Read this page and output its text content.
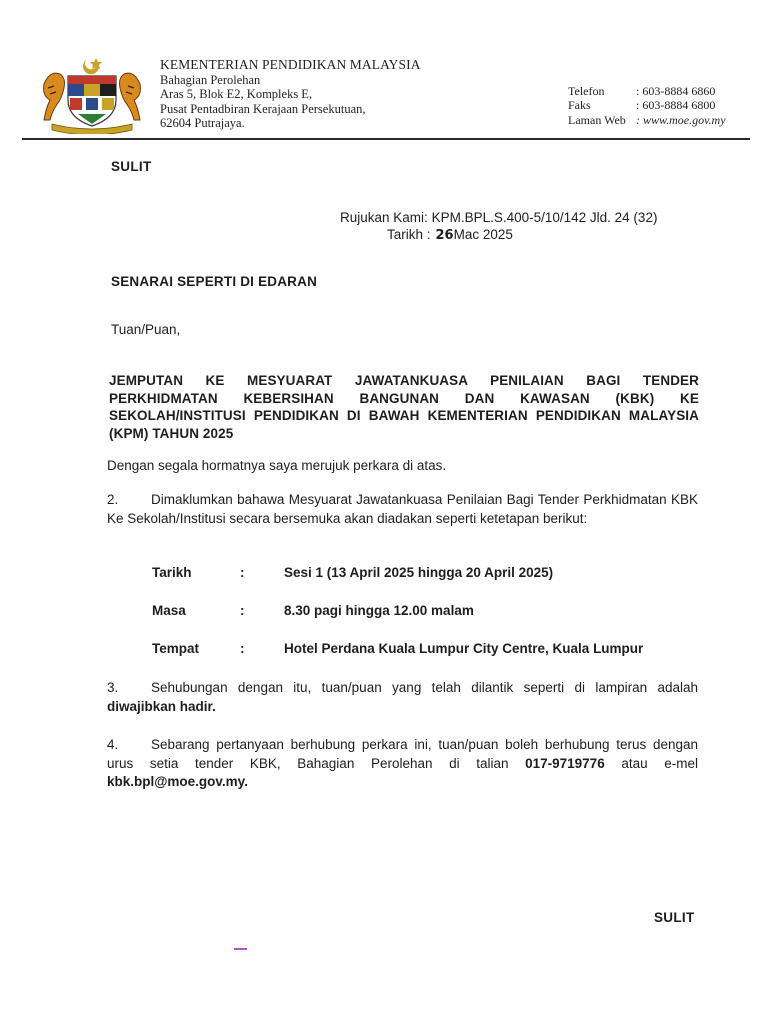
KEMENTERIAN PENDIDIKAN MALAYSIA
Bahagian Perolehan
Aras 5, Blok E2, Kompleks E,
Pusat Pentadbiran Kerajaan Persekutuan,
62604 Putrajaya.
Telefon	: 603-8884 6860
Faks	: 603-8884 6800
Laman Web : www.moe.gov.my
SULIT
Rujukan Kami: KPM.BPL.S.400-5/10/142 Jld. 24 (32)
Tarikh : 26Mac 2025
SENARAI SEPERTI DI EDARAN
Tuan/Puan,
JEMPUTAN KE MESYUARAT JAWATANKUASA PENILAIAN BAGI TENDER PERKHIDMATAN KEBERSIHAN BANGUNAN DAN KAWASAN (KBK) KE SEKOLAH/INSTITUSI PENDIDIKAN DI BAWAH KEMENTERIAN PENDIDIKAN MALAYSIA (KPM) TAHUN 2025
Dengan segala hormatnya saya merujuk perkara di atas.
2. Dimaklumkan bahawa Mesyuarat Jawatankuasa Penilaian Bagi Tender Perkhidmatan KBK Ke Sekolah/Institusi secara bersemuka akan diadakan seperti ketetapan berikut:
Tarikh	:	Sesi 1 (13 April 2025 hingga 20 April 2025)
Masa	:	8.30 pagi hingga 12.00 malam
Tempat	:	Hotel Perdana Kuala Lumpur City Centre, Kuala Lumpur
3. Sehubungan dengan itu, tuan/puan yang telah dilantik seperti di lampiran adalah diwajibkan hadir.
4. Sebarang pertanyaan berhubung perkara ini, tuan/puan boleh berhubung terus dengan urus setia tender KBK, Bahagian Perolehan di talian 017-9719776 atau e-mel kbk.bpl@moe.gov.my.
SULIT
